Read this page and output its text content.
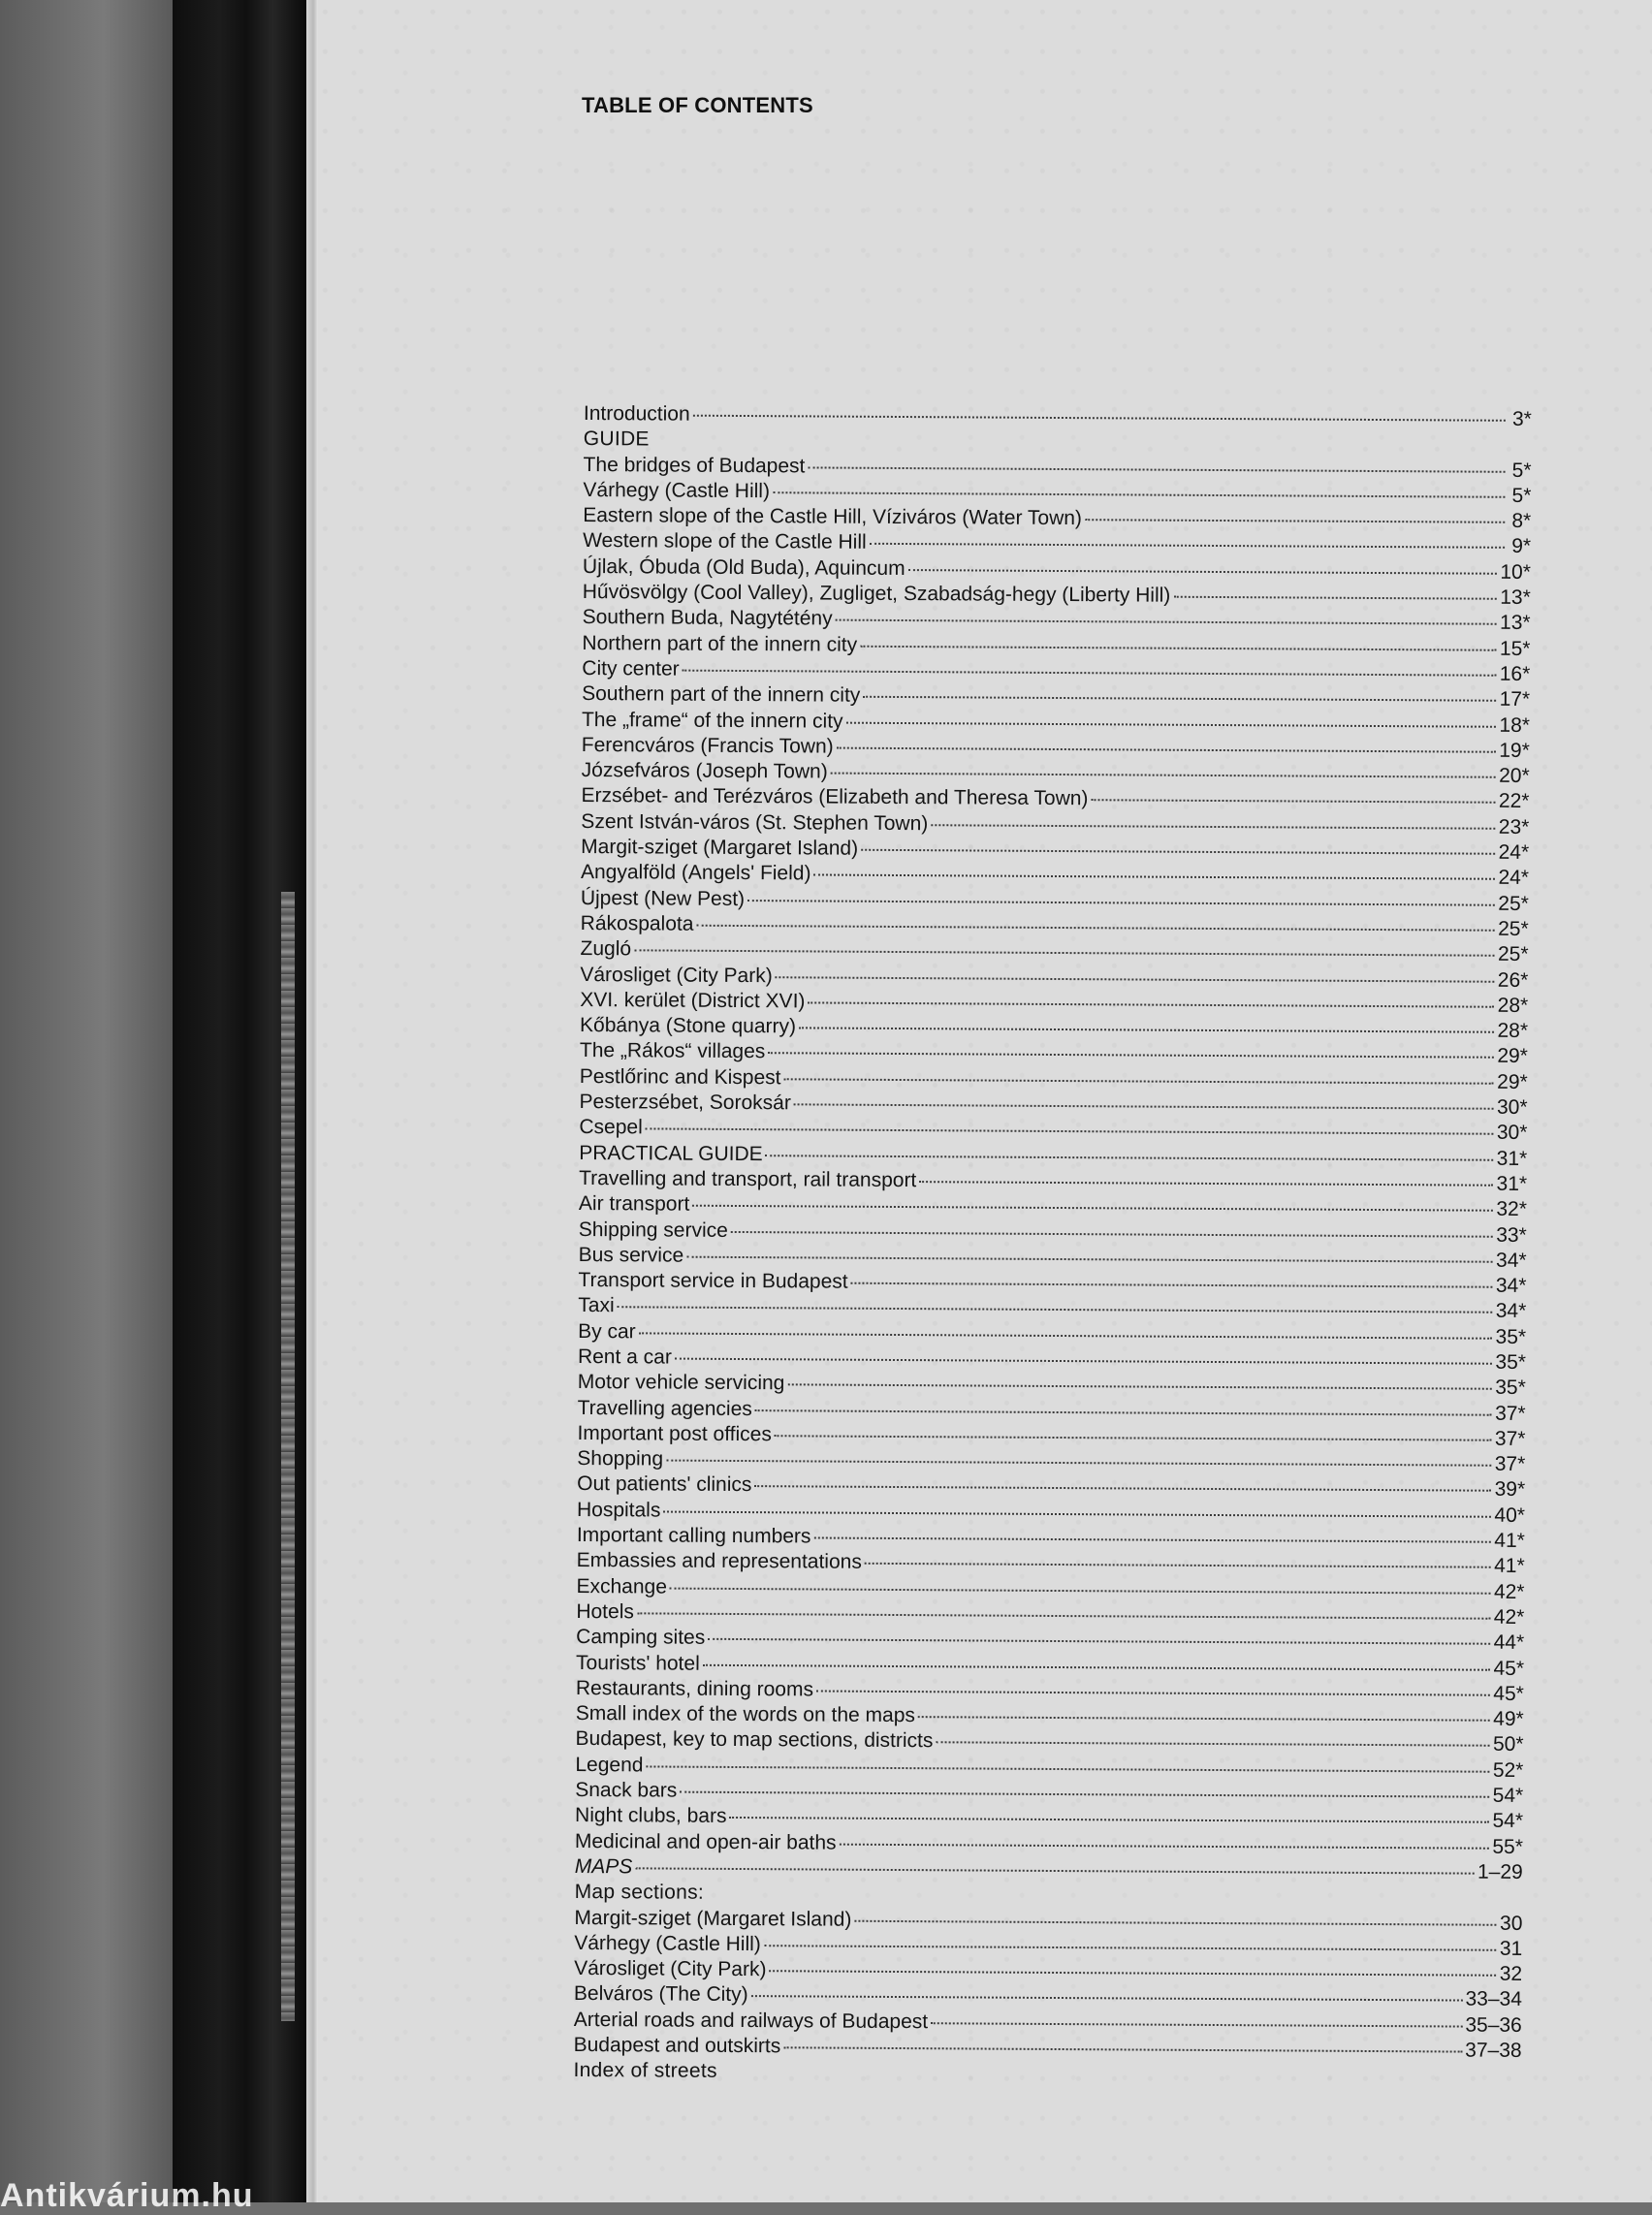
TABLE OF CONTENTS
Introduction	3*
GUIDE
The bridges of Budapest	5*
Várhegy (Castle Hill)	5*
Eastern slope of the Castle Hill, Víziváros (Water Town)	8*
Western slope of the Castle Hill	9*
Újlak, Óbuda (Old Buda), Aquincum	10*
Hűvösvölgy (Cool Valley), Zugliget, Szabadság-hegy (Liberty Hill)	13*
Southern Buda, Nagytétény	13*
Northern part of the innern city	15*
City center	16*
Southern part of the innern city	17*
The „frame“ of the innern city	18*
Ferencváros (Francis Town)	19*
Józsefváros (Joseph Town)	20*
Erzsébet- and Terézváros (Elizabeth and Theresa Town)	22*
Szent István-város (St. Stephen Town)	23*
Margit-sziget (Margaret Island)	24*
Angyalföld (Angels' Field)	24*
Újpest (New Pest)	25*
Rákospalota	25*
Zugló	25*
Városliget (City Park)	26*
XVI. kerület (District XVI)	28*
Kőbánya (Stone quarry)	28*
The „Rákos“ villages	29*
Pestlőrinc and Kispest	29*
Pesterzsébet, Soroksár	30*
Csepel	30*
PRACTICAL GUIDE	31*
Travelling and transport, rail transport	31*
Air transport	32*
Shipping service	33*
Bus service	34*
Transport service in Budapest	34*
Taxi	34*
By car	35*
Rent a car	35*
Motor vehicle servicing	35*
Travelling agencies	37*
Important post offices	37*
Shopping	37*
Out patients' clinics	39*
Hospitals	40*
Important calling numbers	41*
Embassies and representations	41*
Exchange	42*
Hotels	42*
Camping sites	44*
Tourists' hotel	45*
Restaurants, dining rooms	45*
Small index of the words on the maps	49*
Budapest, key to map sections, districts	50*
Legend	52*
Snack bars	54*
Night clubs, bars	54*
Medicinal and open-air baths	55*
MAPS	1–29
Map sections:
Margit-sziget (Margaret Island)	30
Várhegy (Castle Hill)	31
Városliget (City Park)	32
Belváros (The City)	33–34
Arterial roads and railways of Budapest	35–36
Budapest and outskirts	37–38
Index of streets
Antikvárium.hu
